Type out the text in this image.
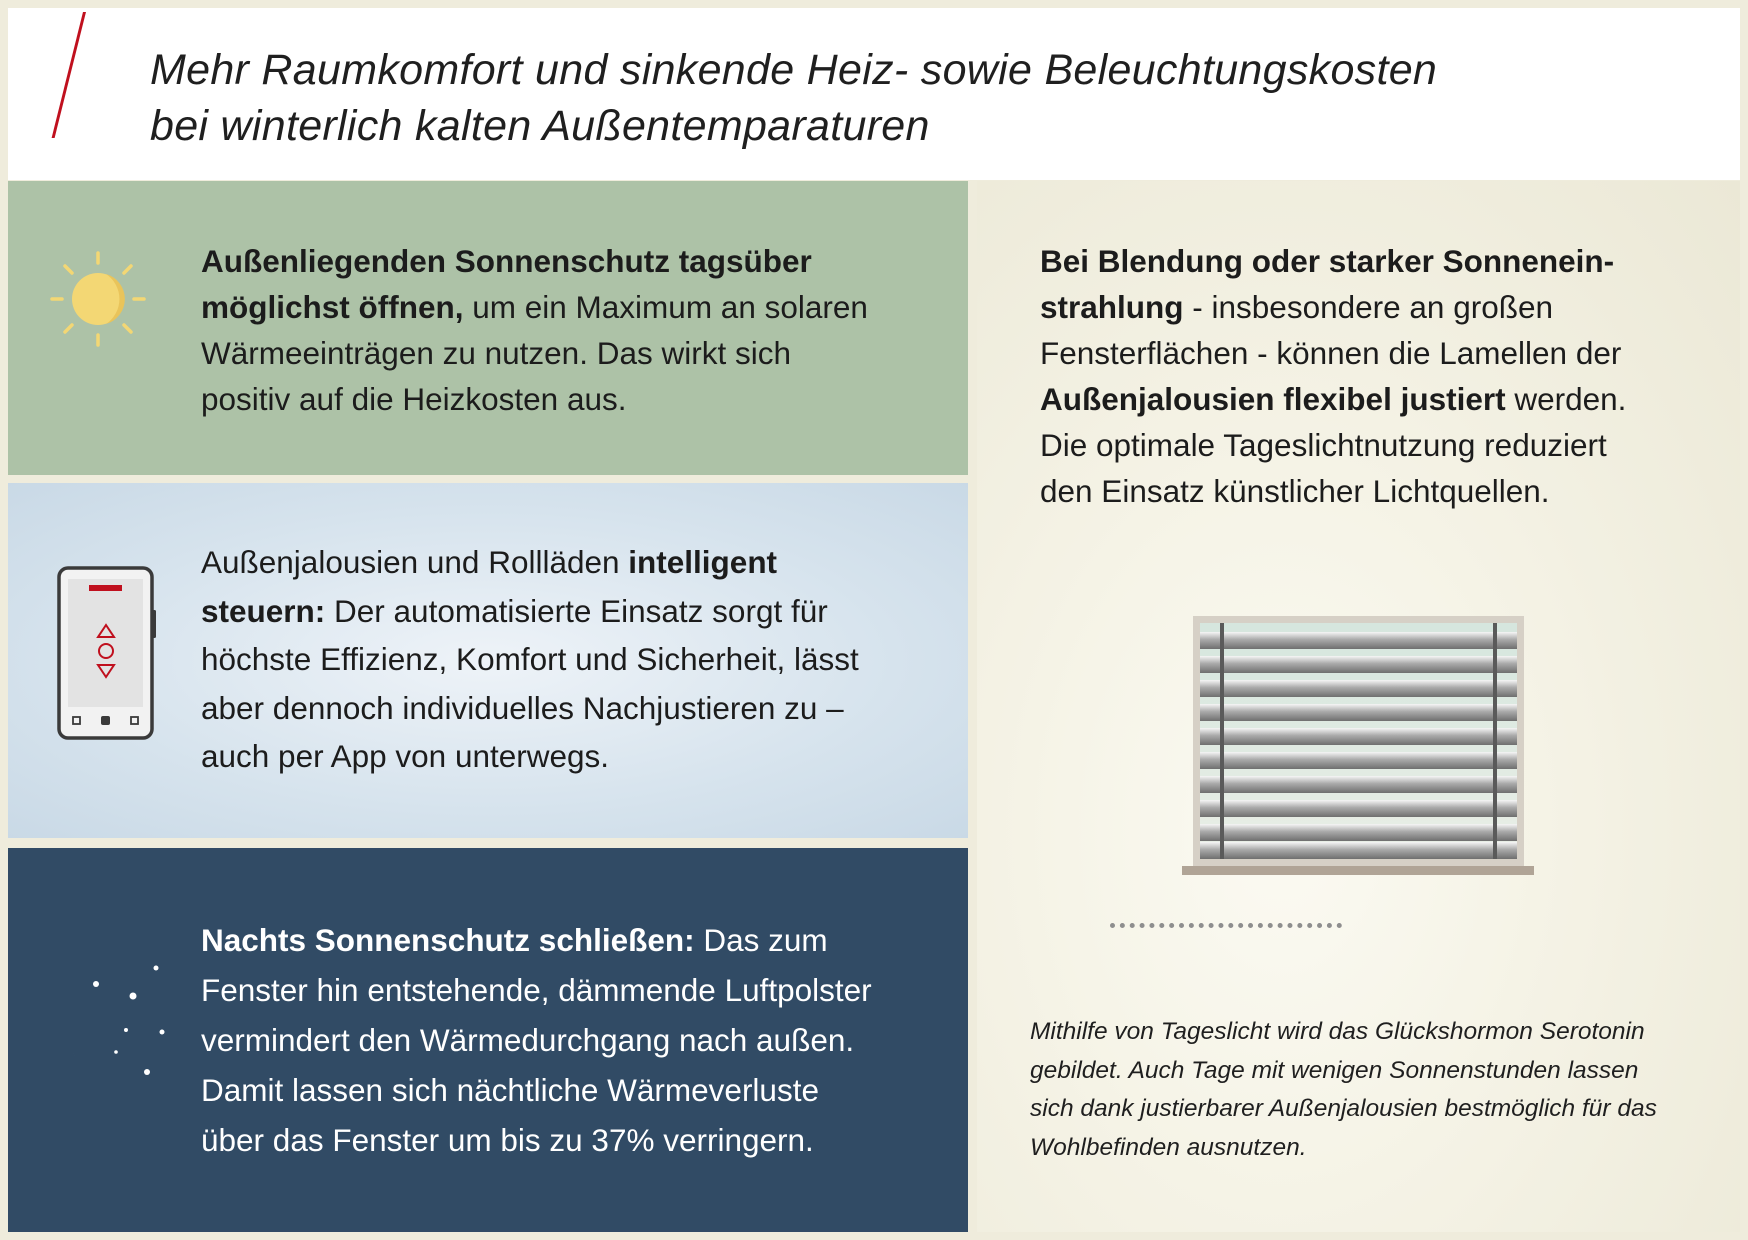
Mehr Raumkomfort und sinkende Heiz- sowie Beleuchtungskosten
bei winterlich kalten Außentemparaturen

Außenliegenden Sonnenschutz tagsüber
möglichst öffnen, um ein Maximum an solaren
Wärmeeinträgen zu nutzen. Das wirkt sich
positiv auf die Heizkosten aus.

Außenjalousien und Rollläden intelligent
steuern: Der automatisierte Einsatz sorgt für
höchste Effizienz, Komfort und Sicherheit, lässt
aber dennoch individuelles Nachjustieren zu –
auch per App von unterwegs.

Nachts Sonnenschutz schließen: Das zum
Fenster hin entstehende, dämmende Luftpolster
vermindert den Wärmedurchgang nach außen.
Damit lassen sich nächtliche Wärmeverluste
über das Fenster um bis zu 37% verringern.

Bei Blendung oder starker Sonnenein-
strahlung - insbesondere an großen
Fensterflächen - können die Lamellen der
Außenjalousien flexibel justiert werden.
Die optimale Tageslichtnutzung reduziert
den Einsatz künstlicher Lichtquellen.

Mithilfe von Tageslicht wird das Glückshormon Serotonin
gebildet. Auch Tage mit wenigen Sonnenstunden lassen
sich dank justierbarer Außenjalousien bestmöglich für das
Wohlbefinden ausnutzen.
